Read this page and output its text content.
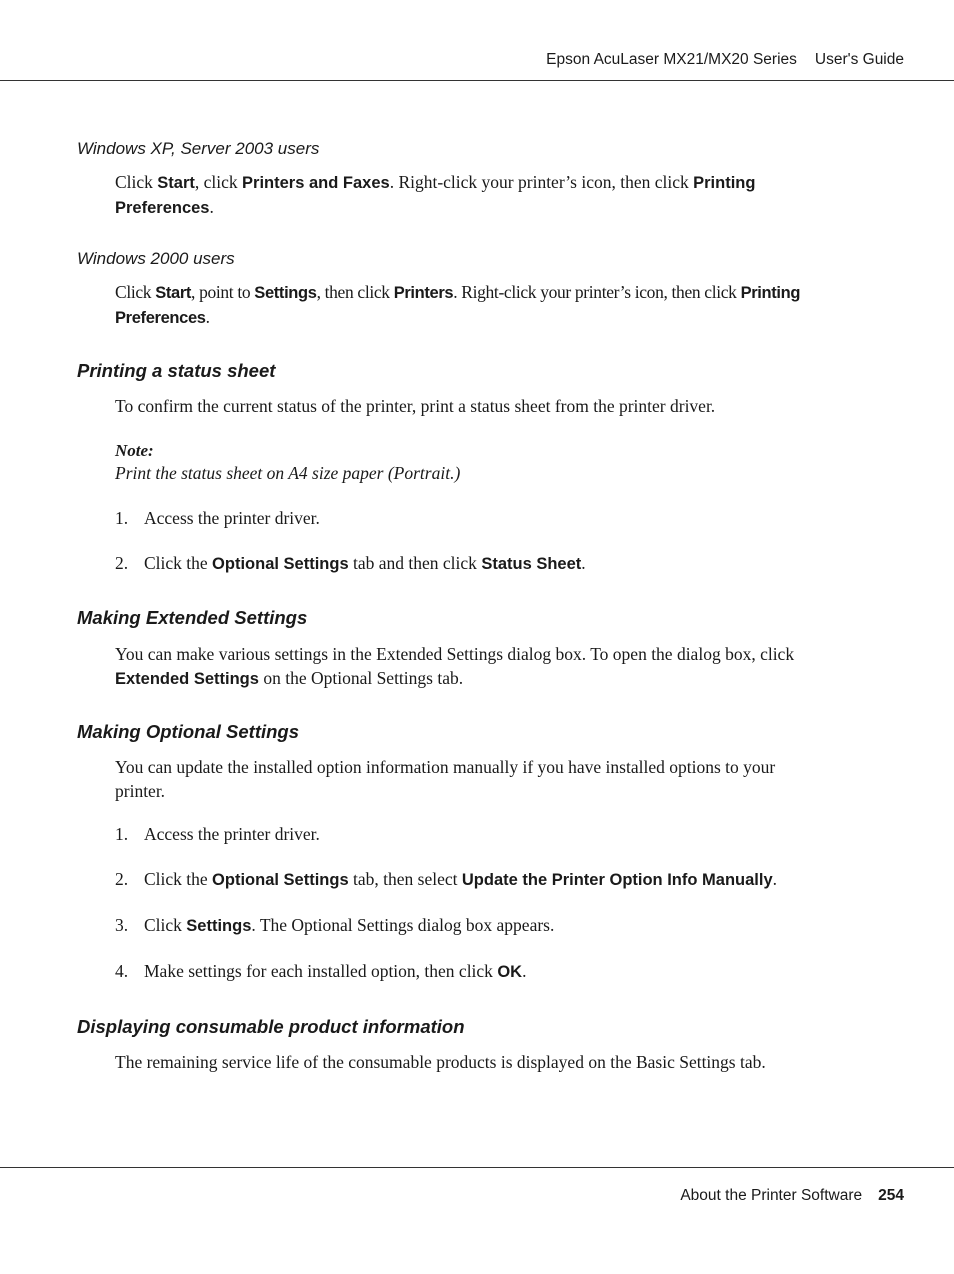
Epson AcuLaser MX21/MX20 Series User's Guide
Windows XP, Server 2003 users
Click Start, click Printers and Faxes. Right-click your printer’s icon, then click Printing
Preferences.
Windows 2000 users
Click Start, point to Settings, then click Printers. Right-click your printer’s icon, then click Printing
Preferences.
Printing a status sheet
To confirm the current status of the printer, print a status sheet from the printer driver.
Note:
Print the status sheet on A4 size paper (Portrait.)
1. Access the printer driver.
2. Click the Optional Settings tab and then click Status Sheet.
Making Extended Settings
You can make various settings in the Extended Settings dialog box. To open the dialog box, click
Extended Settings on the Optional Settings tab.
Making Optional Settings
You can update the installed option information manually if you have installed options to your
printer.
1. Access the printer driver.
2. Click the Optional Settings tab, then select Update the Printer Option Info Manually.
3. Click Settings. The Optional Settings dialog box appears.
4. Make settings for each installed option, then click OK.
Displaying consumable product information
The remaining service life of the consumable products is displayed on the Basic Settings tab.
About the Printer Software 254
